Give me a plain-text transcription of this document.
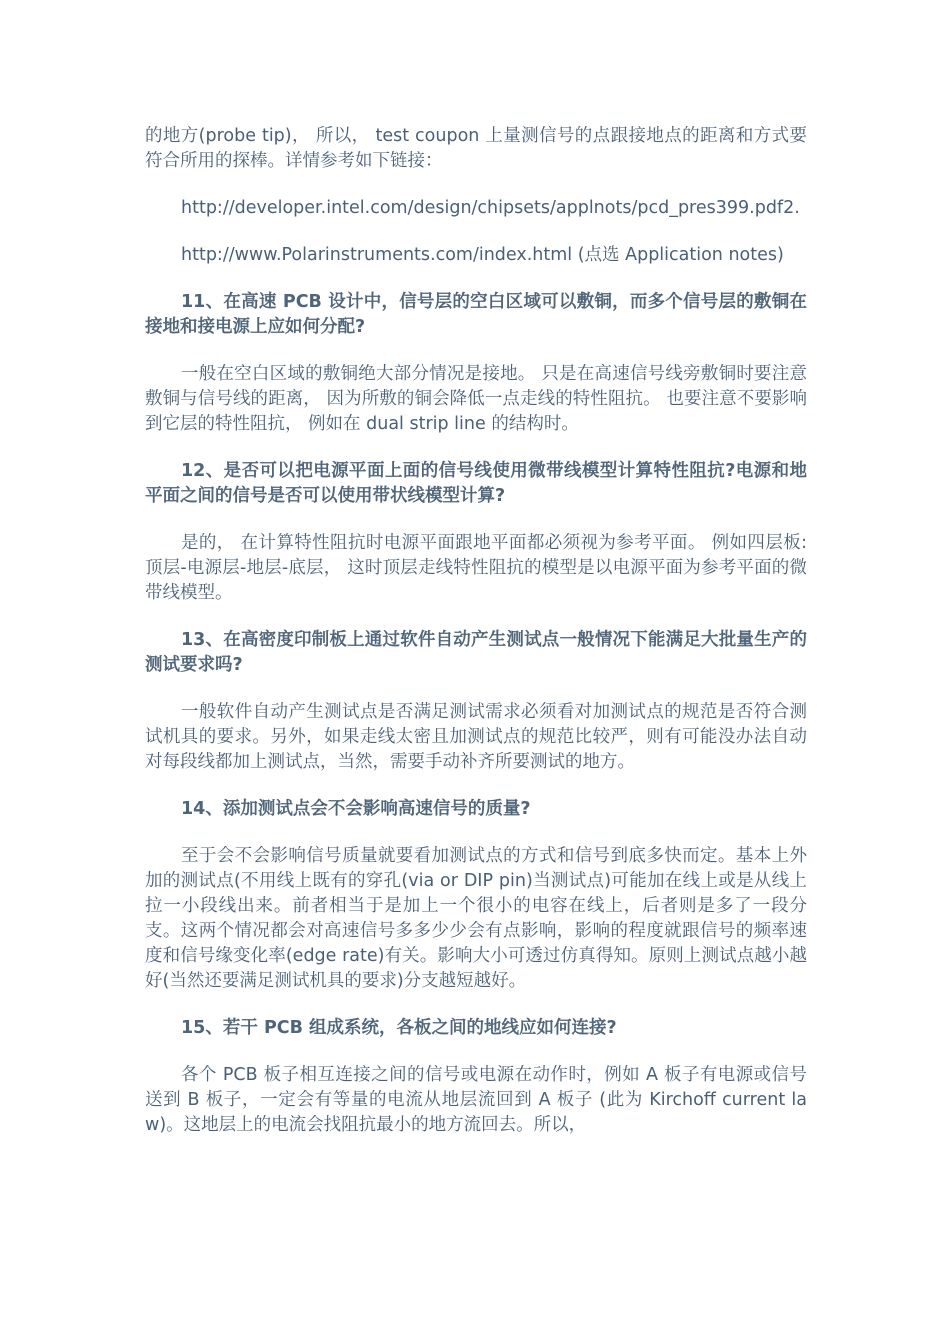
的地方(probe tip)， 所以， test coupon 上量测信号的点跟接地点的距离和方式要符合所用的探棒。详情参考如下链接：

http://developer.intel.com/design/chipsets/applnots/pcd_pres399.pdf2.

http://www.Polarinstruments.com/index.html (点选 Application notes)

11、在高速 PCB 设计中，信号层的空白区域可以敷铜，而多个信号层的敷铜在接地和接电源上应如何分配?

一般在空白区域的敷铜绝大部分情况是接地。 只是在高速信号线旁敷铜时要注意敷铜与信号线的距离， 因为所敷的铜会降低一点走线的特性阻抗。 也要注意不要影响到它层的特性阻抗， 例如在 dual strip line 的结构时。

12、是否可以把电源平面上面的信号线使用微带线模型计算特性阻抗?电源和地平面之间的信号是否可以使用带状线模型计算?

是的， 在计算特性阻抗时电源平面跟地平面都必须视为参考平面。 例如四层板: 顶层-电源层-地层-底层， 这时顶层走线特性阻抗的模型是以电源平面为参考平面的微带线模型。

13、在高密度印制板上通过软件自动产生测试点一般情况下能满足大批量生产的测试要求吗?

一般软件自动产生测试点是否满足测试需求必须看对加测试点的规范是否符合测试机具的要求。另外，如果走线太密且加测试点的规范比较严，则有可能没办法自动对每段线都加上测试点，当然，需要手动补齐所要测试的地方。

14、添加测试点会不会影响高速信号的质量?

至于会不会影响信号质量就要看加测试点的方式和信号到底多快而定。基本上外加的测试点(不用线上既有的穿孔(via or DIP pin)当测试点)可能加在线上或是从线上拉一小段线出来。前者相当于是加上一个很小的电容在线上，后者则是多了一段分支。这两个情况都会对高速信号多多少少会有点影响，影响的程度就跟信号的频率速度和信号缘变化率(edge rate)有关。影响大小可透过仿真得知。原则上测试点越小越好(当然还要满足测试机具的要求)分支越短越好。

15、若干 PCB 组成系统，各板之间的地线应如何连接?

各个 PCB 板子相互连接之间的信号或电源在动作时，例如 A 板子有电源或信号送到 B 板子，一定会有等量的电流从地层流回到 A 板子 (此为 Kirchoff current law)。这地层上的电流会找阻抗最小的地方流回去。所以，
